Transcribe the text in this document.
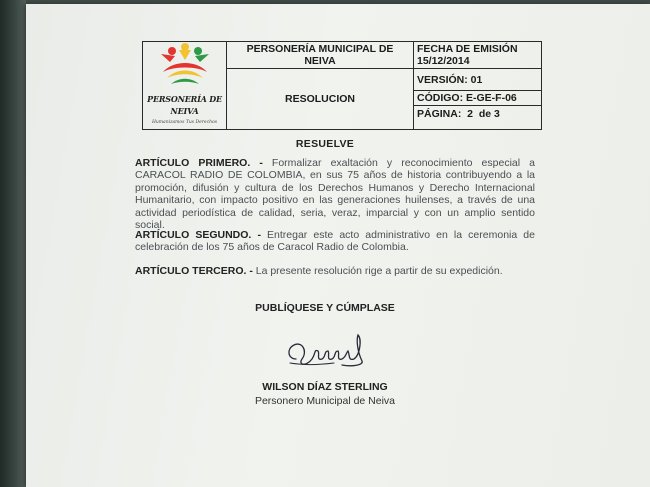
PERSONERÍA DE NEIVA
Humanizamos Tus Derechos	PERSONERÍA MUNICIPAL DE NEIVA	FECHA DE EMISIÓN 15/12/2014
	RESOLUCION	VERSIÓN: 01
		CÓDIGO: E-GE-F-06
		PÁGINA:  2  de 3
RESUELVE
ARTÍCULO PRIMERO. - Formalizar exaltación y reconocimiento especial a CARACOL RADIO DE COLOMBIA, en sus 75 años de historia contribuyendo a la promoción, difusión y cultura de los Derechos Humanos y Derecho Internacional Humanitario, con impacto positivo en las generaciones huilenses, a través de una actividad periodística de calidad, seria, veraz, imparcial y con un amplio sentido social.
ARTÍCULO SEGUNDO. - Entregar este acto administrativo en la ceremonia de celebración de los 75 años de Caracol Radio de Colombia.
ARTÍCULO TERCERO. - La presente resolución rige a partir de su expedición.
PUBLÍQUESE Y CÚMPLASE
WILSON DÍAZ STERLING
Personero Municipal de Neiva
